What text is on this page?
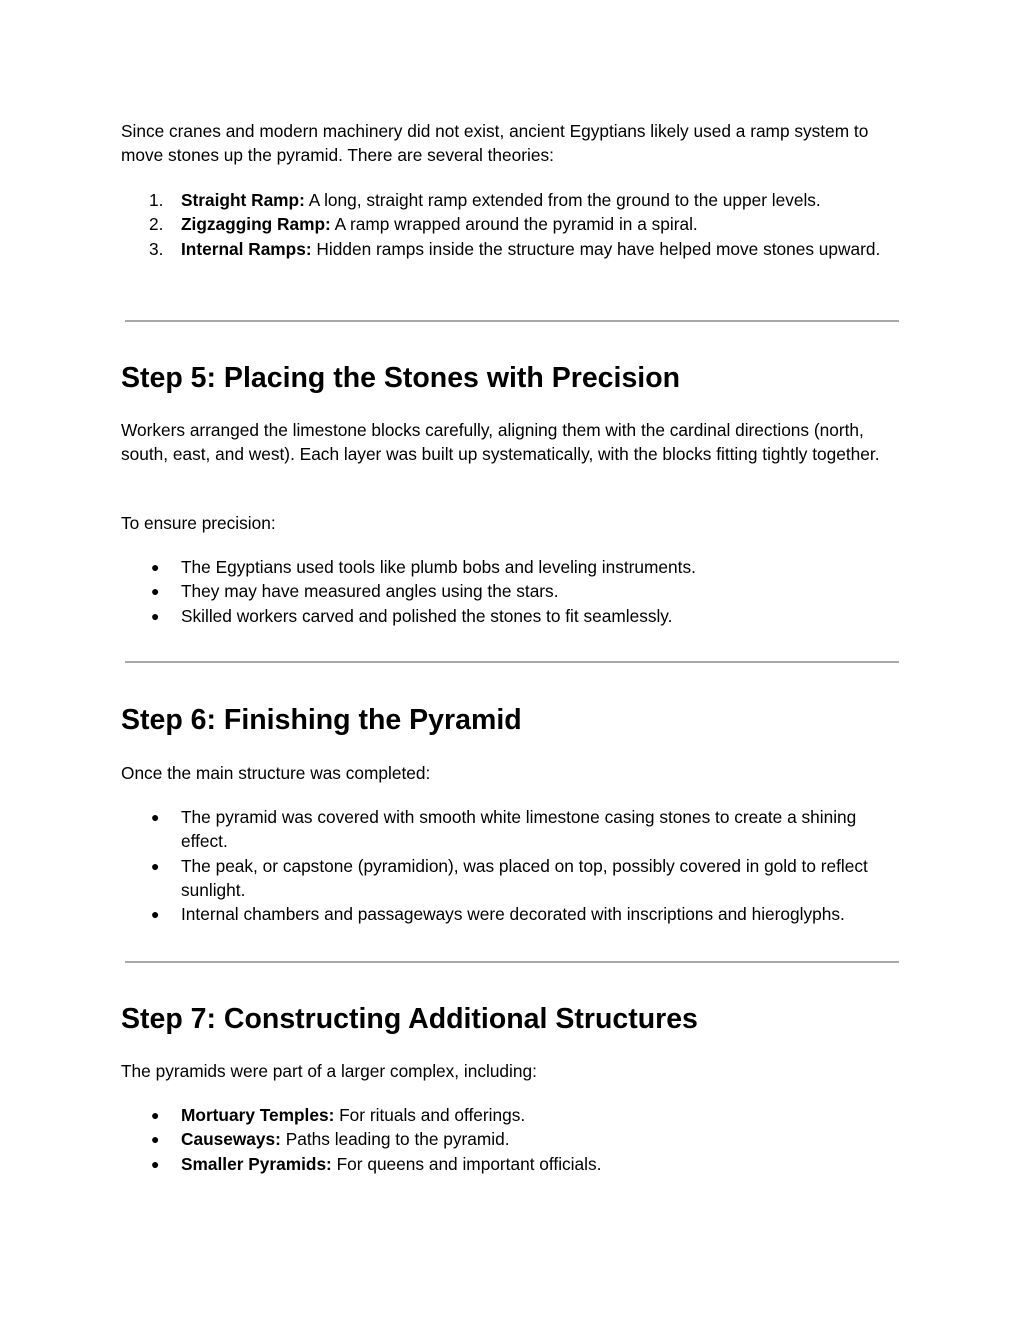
Since cranes and modern machinery did not exist, ancient Egyptians likely used a ramp system to move stones up the pyramid. There are several theories:

1. Straight Ramp: A long, straight ramp extended from the ground to the upper levels.
2. Zigzagging Ramp: A ramp wrapped around the pyramid in a spiral.
3. Internal Ramps: Hidden ramps inside the structure may have helped move stones upward.
Step 5: Placing the Stones with Precision

Workers arranged the limestone blocks carefully, aligning them with the cardinal directions (north, south, east, and west). Each layer was built up systematically, with the blocks fitting tightly together.

To ensure precision:

● The Egyptians used tools like plumb bobs and leveling instruments.
● They may have measured angles using the stars.
● Skilled workers carved and polished the stones to fit seamlessly.
Step 6: Finishing the Pyramid

Once the main structure was completed:

● The pyramid was covered with smooth white limestone casing stones to create a shining effect.
● The peak, or capstone (pyramidion), was placed on top, possibly covered in gold to reflect sunlight.
● Internal chambers and passageways were decorated with inscriptions and hieroglyphs.
Step 7: Constructing Additional Structures

The pyramids were part of a larger complex, including:

● Mortuary Temples: For rituals and offerings.
● Causeways: Paths leading to the pyramid.
● Smaller Pyramids: For queens and important officials.
